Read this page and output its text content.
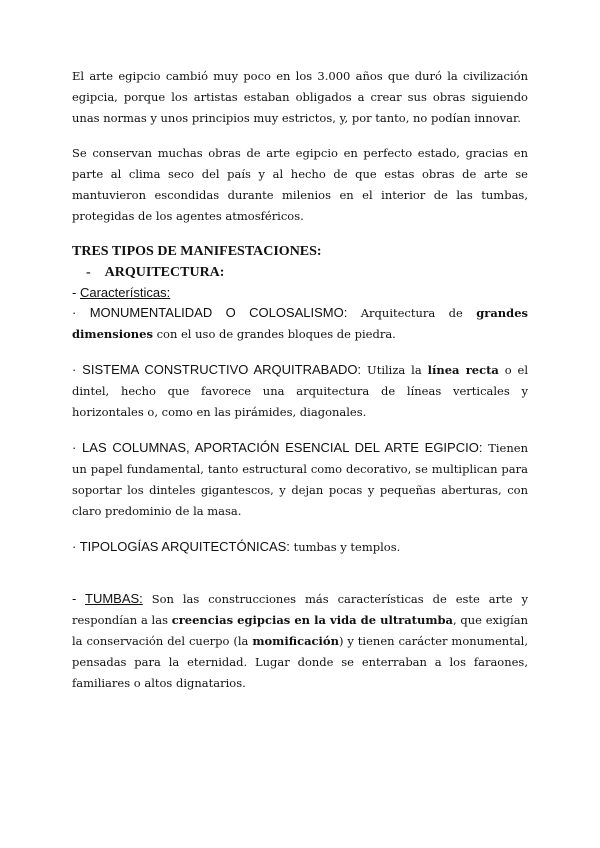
El arte egipcio cambió muy poco en los 3.000 años que duró la civilización egipcia, porque los artistas estaban obligados a crear sus obras siguiendo unas normas y unos principios muy estrictos, y, por tanto, no podían innovar.

Se conservan muchas obras de arte egipcio en perfecto estado, gracias en parte al clima seco del país y al hecho de que estas obras de arte se mantuvieron escondidas durante milenios en el interior de las tumbas, protegidas de los agentes atmosféricos.

TRES TIPOS DE MANIFESTACIONES:

- ARQUITECTURA:

- Características:

· MONUMENTALIDAD O COLOSALISMO: Arquitectura de grandes dimensiones con el uso de grandes bloques de piedra.

· SISTEMA CONSTRUCTIVO ARQUITRABADO: Utiliza la línea recta o el dintel, hecho que favorece una arquitectura de líneas verticales y horizontales o, como en las pirámides, diagonales.

· LAS COLUMNAS, APORTACIÓN ESENCIAL DEL ARTE EGIPCIO: Tienen un papel fundamental, tanto estructural como decorativo, se multiplican para soportar los dinteles gigantescos, y dejan pocas y pequeñas aberturas, con claro predominio de la masa.

· TIPOLOGÍAS ARQUITECTÓNICAS: tumbas y templos.

- TUMBAS: Son las construcciones más características de este arte y respondían a las creencias egipcias en la vida de ultratumba, que exigían la conservación del cuerpo (la momificación) y tienen carácter monumental, pensadas para la eternidad. Lugar donde se enterraban a los faraones, familiares o altos dignatarios.
